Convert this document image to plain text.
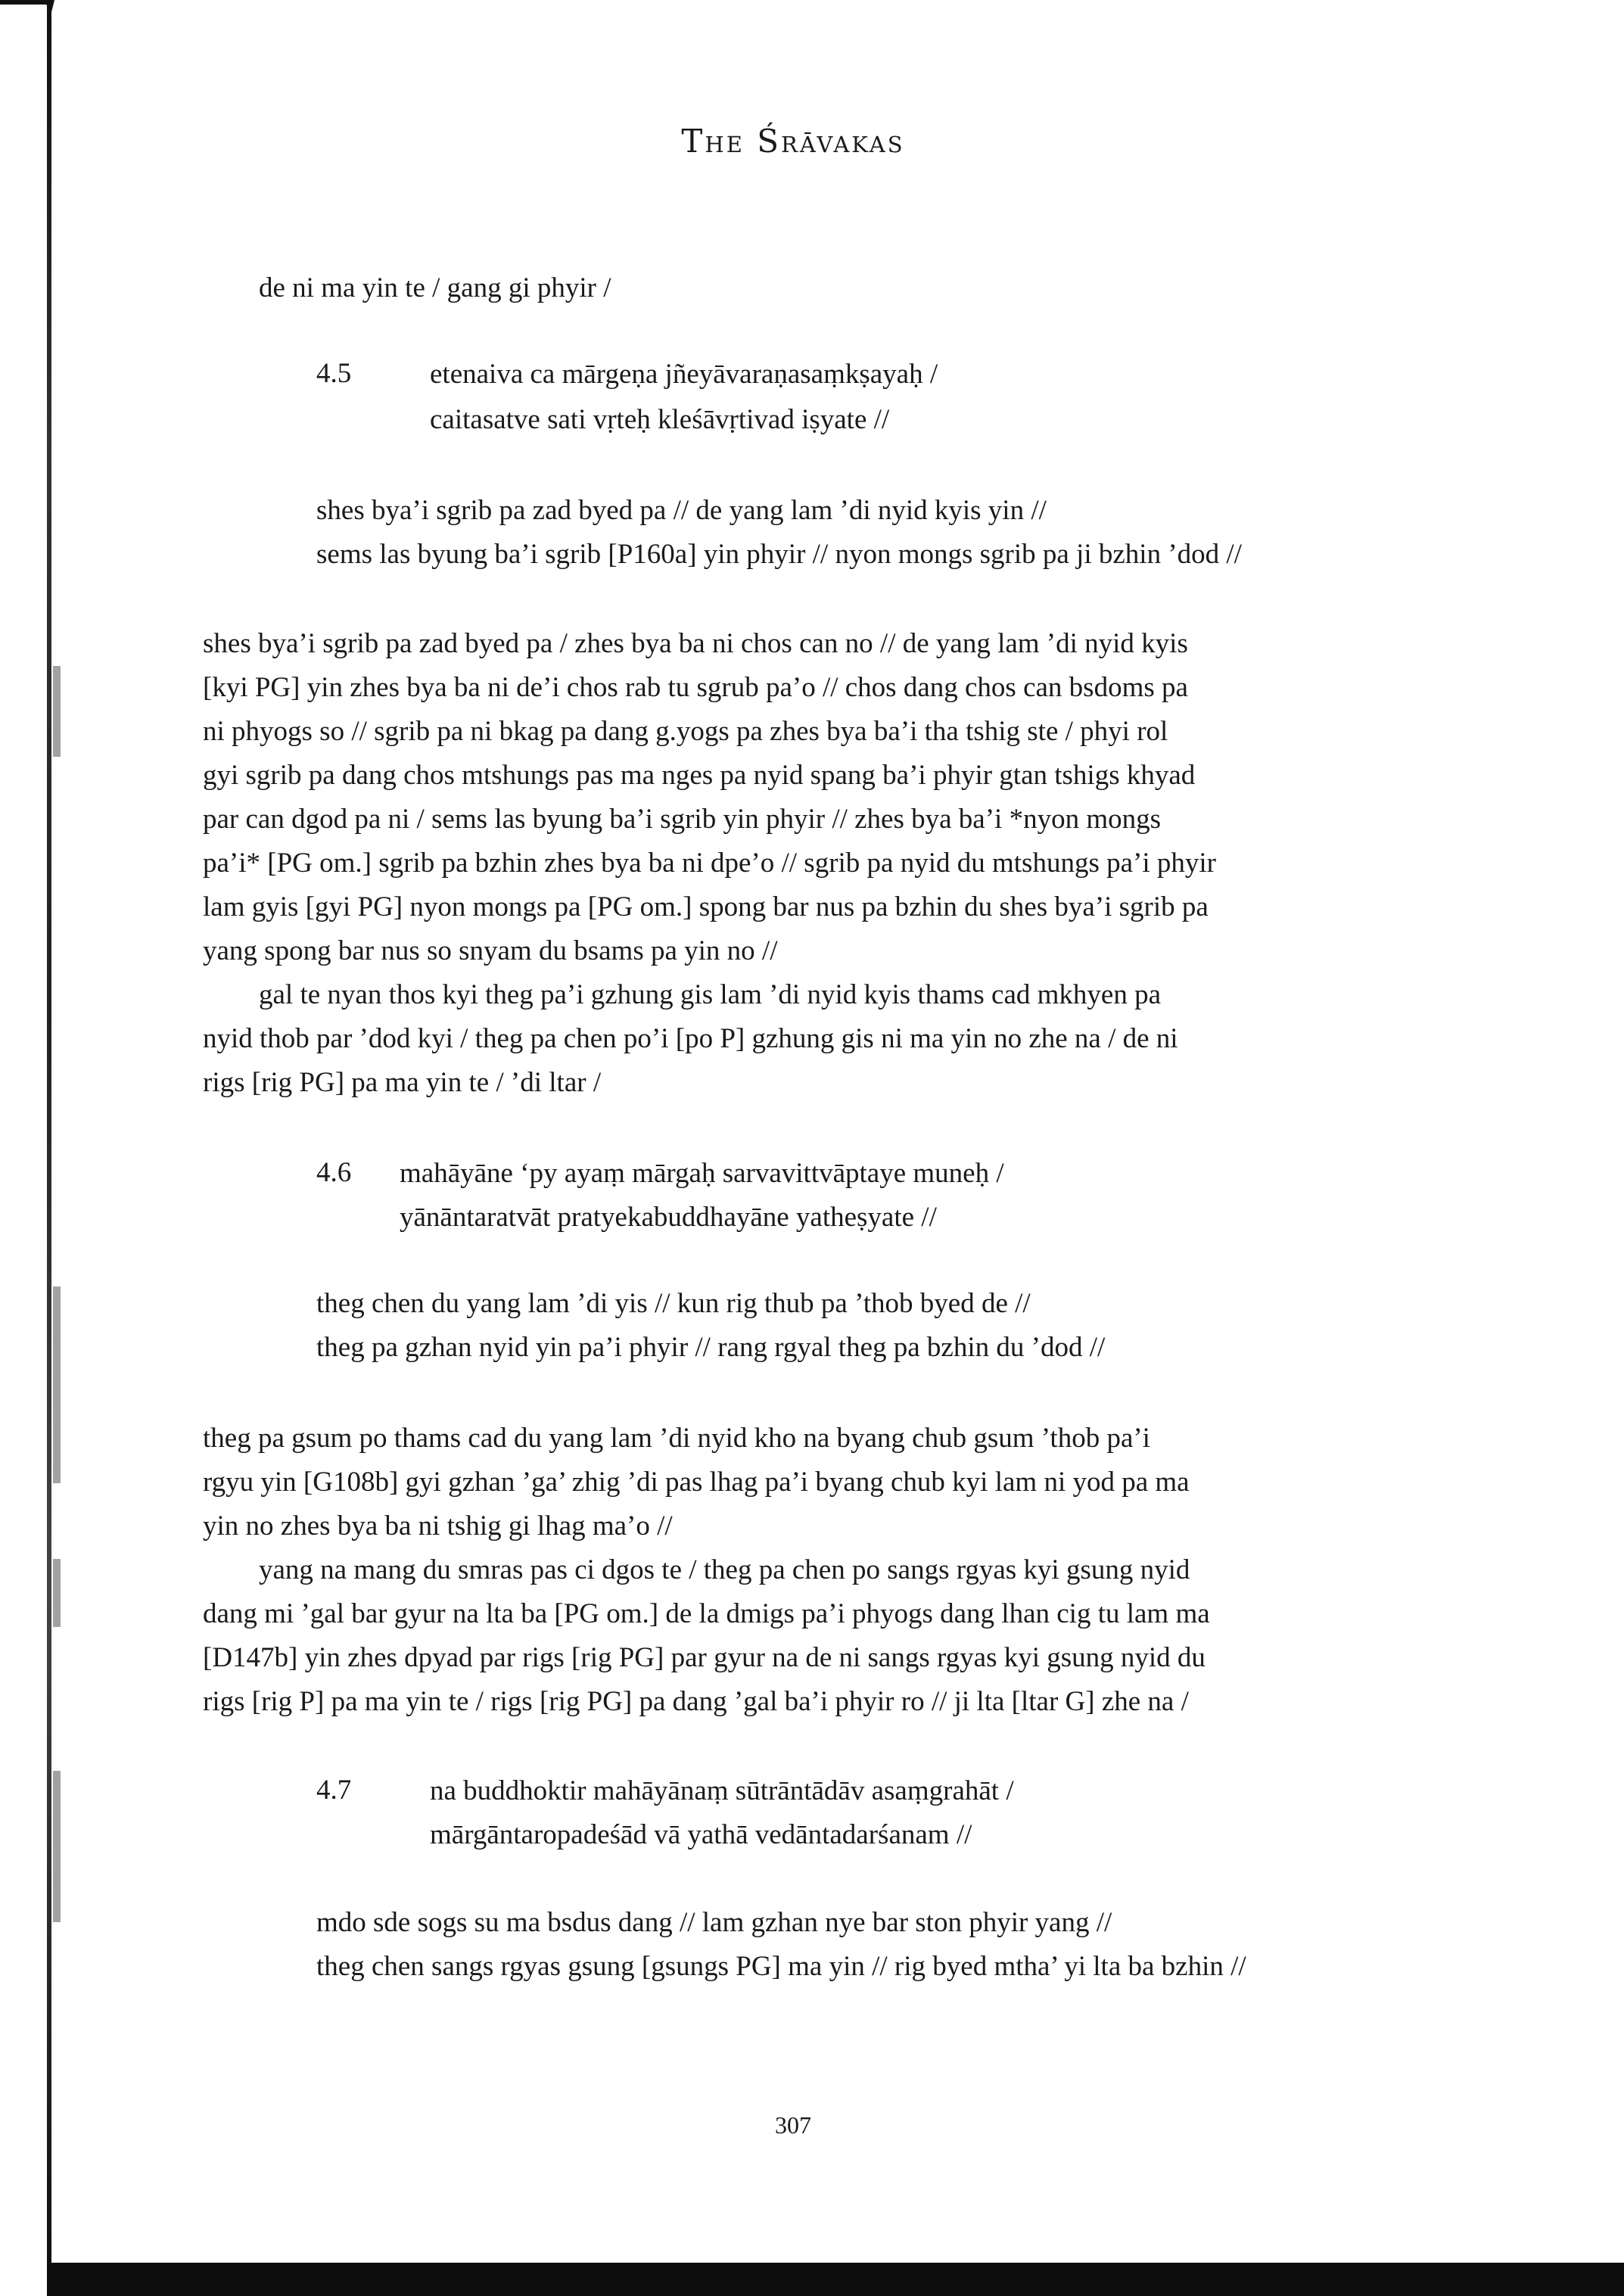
The Śrāvakas
de ni ma yin te / gang gi phyir /
4.5	etenaiva ca mārgeṇa jñeyāvaraṇasaṃkṣayaḥ /
caitasatve sati vṛteḥ kleśāvṛtivad iṣyate //
shes bya’i sgrib pa zad byed pa // de yang lam ’di nyid kyis yin //
sems las byung ba’i sgrib [P160a] yin phyir // nyon mongs sgrib pa ji bzhin ’dod //
shes bya’i sgrib pa zad byed pa / zhes bya ba ni chos can no // de yang lam ’di nyid kyis
[kyi PG] yin zhes bya ba ni de’i chos rab tu sgrub pa’o // chos dang chos can bsdoms pa
ni phyogs so // sgrib pa ni bkag pa dang g.yogs pa zhes bya ba’i tha tshig ste / phyi rol
gyi sgrib pa dang chos mtshungs pas ma nges pa nyid spang ba’i phyir gtan tshigs khyad
par can dgod pa ni / sems las byung ba’i sgrib yin phyir // zhes bya ba’i *nyon mongs
pa’i* [PG om.] sgrib pa bzhin zhes bya ba ni dpe’o // sgrib pa nyid du mtshungs pa’i phyir
lam gyis [gyi PG] nyon mongs pa [PG om.] spong bar nus pa bzhin du shes bya’i sgrib pa
yang spong bar nus so snyam du bsams pa yin no //
gal te nyan thos kyi theg pa’i gzhung gis lam ’di nyid kyis thams cad mkhyen pa
nyid thob par ’dod kyi / theg pa chen po’i [po P] gzhung gis ni ma yin no zhe na / de ni
rigs [rig PG] pa ma yin te / ’di ltar /
4.6 mahāyāne ‘py ayaṃ mārgaḥ sarvavittvāptaye muneḥ /
yānāntaratvāt pratyekabuddhayāne yatheṣyate //
theg chen du yang lam ’di yis // kun rig thub pa ’thob byed de //
theg pa gzhan nyid yin pa’i phyir // rang rgyal theg pa bzhin du ’dod //
theg pa gsum po thams cad du yang lam ’di nyid kho na byang chub gsum ’thob pa’i
rgyu yin [G108b] gyi gzhan ’ga’ zhig ’di pas lhag pa’i byang chub kyi lam ni yod pa ma
yin no zhes bya ba ni tshig gi lhag ma’o //
yang na mang du smras pas ci dgos te / theg pa chen po sangs rgyas kyi gsung nyid
dang mi ’gal bar gyur na lta ba [PG om.] de la dmigs pa’i phyogs dang lhan cig tu lam ma
[D147b] yin zhes dpyad par rigs [rig PG] par gyur na de ni sangs rgyas kyi gsung nyid du
rigs [rig P] pa ma yin te / rigs [rig PG] pa dang ’gal ba’i phyir ro // ji lta [ltar G] zhe na /
4.7	na buddhoktir mahāyānaṃ sūtrāntādāv asaṃgrahāt /
mārgāntaropadeśād vā yathā vedāntadarśanam //
mdo sde sogs su ma bsdus dang // lam gzhan nye bar ston phyir yang //
theg chen sangs rgyas gsung [gsungs PG] ma yin // rig byed mtha’ yi lta ba bzhin //
307
